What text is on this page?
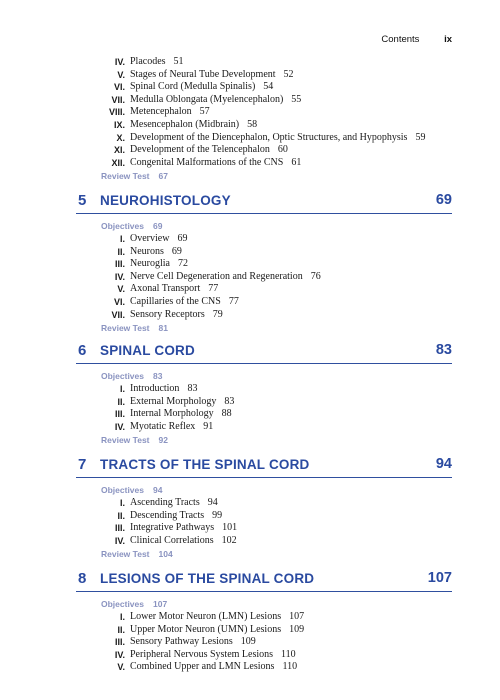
Contents	ix
IV. Placodes 51
V. Stages of Neural Tube Development 52
VI. Spinal Cord (Medulla Spinalis) 54
VII. Medulla Oblongata (Myelencephalon) 55
VIII. Metencephalon 57
IX. Mesencephalon (Midbrain) 58
X. Development of the Diencephalon, Optic Structures, and Hypophysis 59
XI. Development of the Telencephalon 60
XII. Congenital Malformations of the CNS 61
Review Test 67
5 NEUROHISTOLOGY	69
Objectives 69
I. Overview 69
II. Neurons 69
III. Neuroglia 72
IV. Nerve Cell Degeneration and Regeneration 76
V. Axonal Transport 77
VI. Capillaries of the CNS 77
VII. Sensory Receptors 79
Review Test 81
6 SPINAL CORD	83
Objectives 83
I. Introduction 83
II. External Morphology 83
III. Internal Morphology 88
IV. Myotatic Reflex 91
Review Test 92
7 TRACTS OF THE SPINAL CORD	94
Objectives 94
I. Ascending Tracts 94
II. Descending Tracts 99
III. Integrative Pathways 101
IV. Clinical Correlations 102
Review Test 104
8 LESIONS OF THE SPINAL CORD	107
Objectives 107
I. Lower Motor Neuron (LMN) Lesions 107
II. Upper Motor Neuron (UMN) Lesions 109
III. Sensory Pathway Lesions 109
IV. Peripheral Nervous System Lesions 110
V. Combined Upper and LMN Lesions 110
